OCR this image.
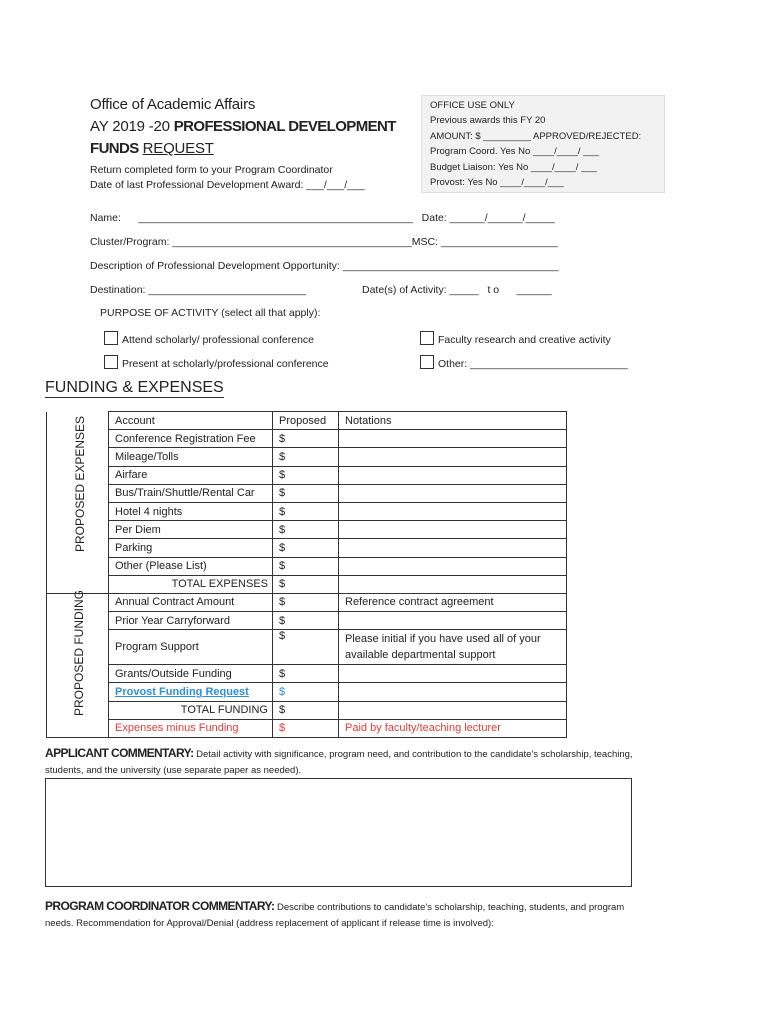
Office of Academic Affairs
AY 2019 -20 PROFESSIONAL DEVELOPMENT
FUNDS REQUEST
Return completed form to your Program Coordinator
Date of last Professional Development Award: ___/___/___
OFFICE USE ONLY
Previous awards this FY 20
AMOUNT: $ _________ APPROVED/REJECTED:
Program Coord. Yes No ____/____/ ___
Budget Liaison: Yes No ____/____/ ___
Provost: Yes No ____/____/___
Name:      _______________________________________________   Date: ______/______/_____
Cluster/Program: _________________________________________MSC: ____________________
Description of Professional Development Opportunity: _____________________________________
Destination: ___________________________	Date(s) of Activity: _____   t o      ______
PURPOSE OF ACTIVITY (select all that apply):
Attend scholarly/ professional conference	Faculty research and creative activity
Present at scholarly/professional conference	Other: ___________________________
FUNDING & EXPENSES
PROPOSED EXPENSES	Account	Proposed	Notations
	Conference Registration Fee	$	
	Mileage/Tolls	$	
	Airfare	$	
	Bus/Train/Shuttle/Rental Car	$	
	Hotel 4 nights	$	
	Per Diem	$	
	Parking	$	
	Other (Please List)	$	
	TOTAL EXPENSES	$	

PROPOSED FUNDING	Annual Contract Amount	$	Reference contract agreement
	Prior Year Carryforward	$	
	Program Support	$	Please initial if you have used all of your
available departmental support

	Grants/Outside Funding	$	
	Provost Funding Request	$	
	TOTAL FUNDING	$	
	Expenses minus Funding	$	Paid by faculty/teaching lecturer
APPLICANT COMMENTARY: Detail activity with significance, program need, and contribution to the candidate's scholarship, teaching,
students, and the university (use separate paper as needed).
PROGRAM COORDINATOR COMMENTARY: Describe contributions to candidate's scholarship, teaching, students, and program
needs. Recommendation for Approval/Denial (address replacement of applicant if release time is involved):
